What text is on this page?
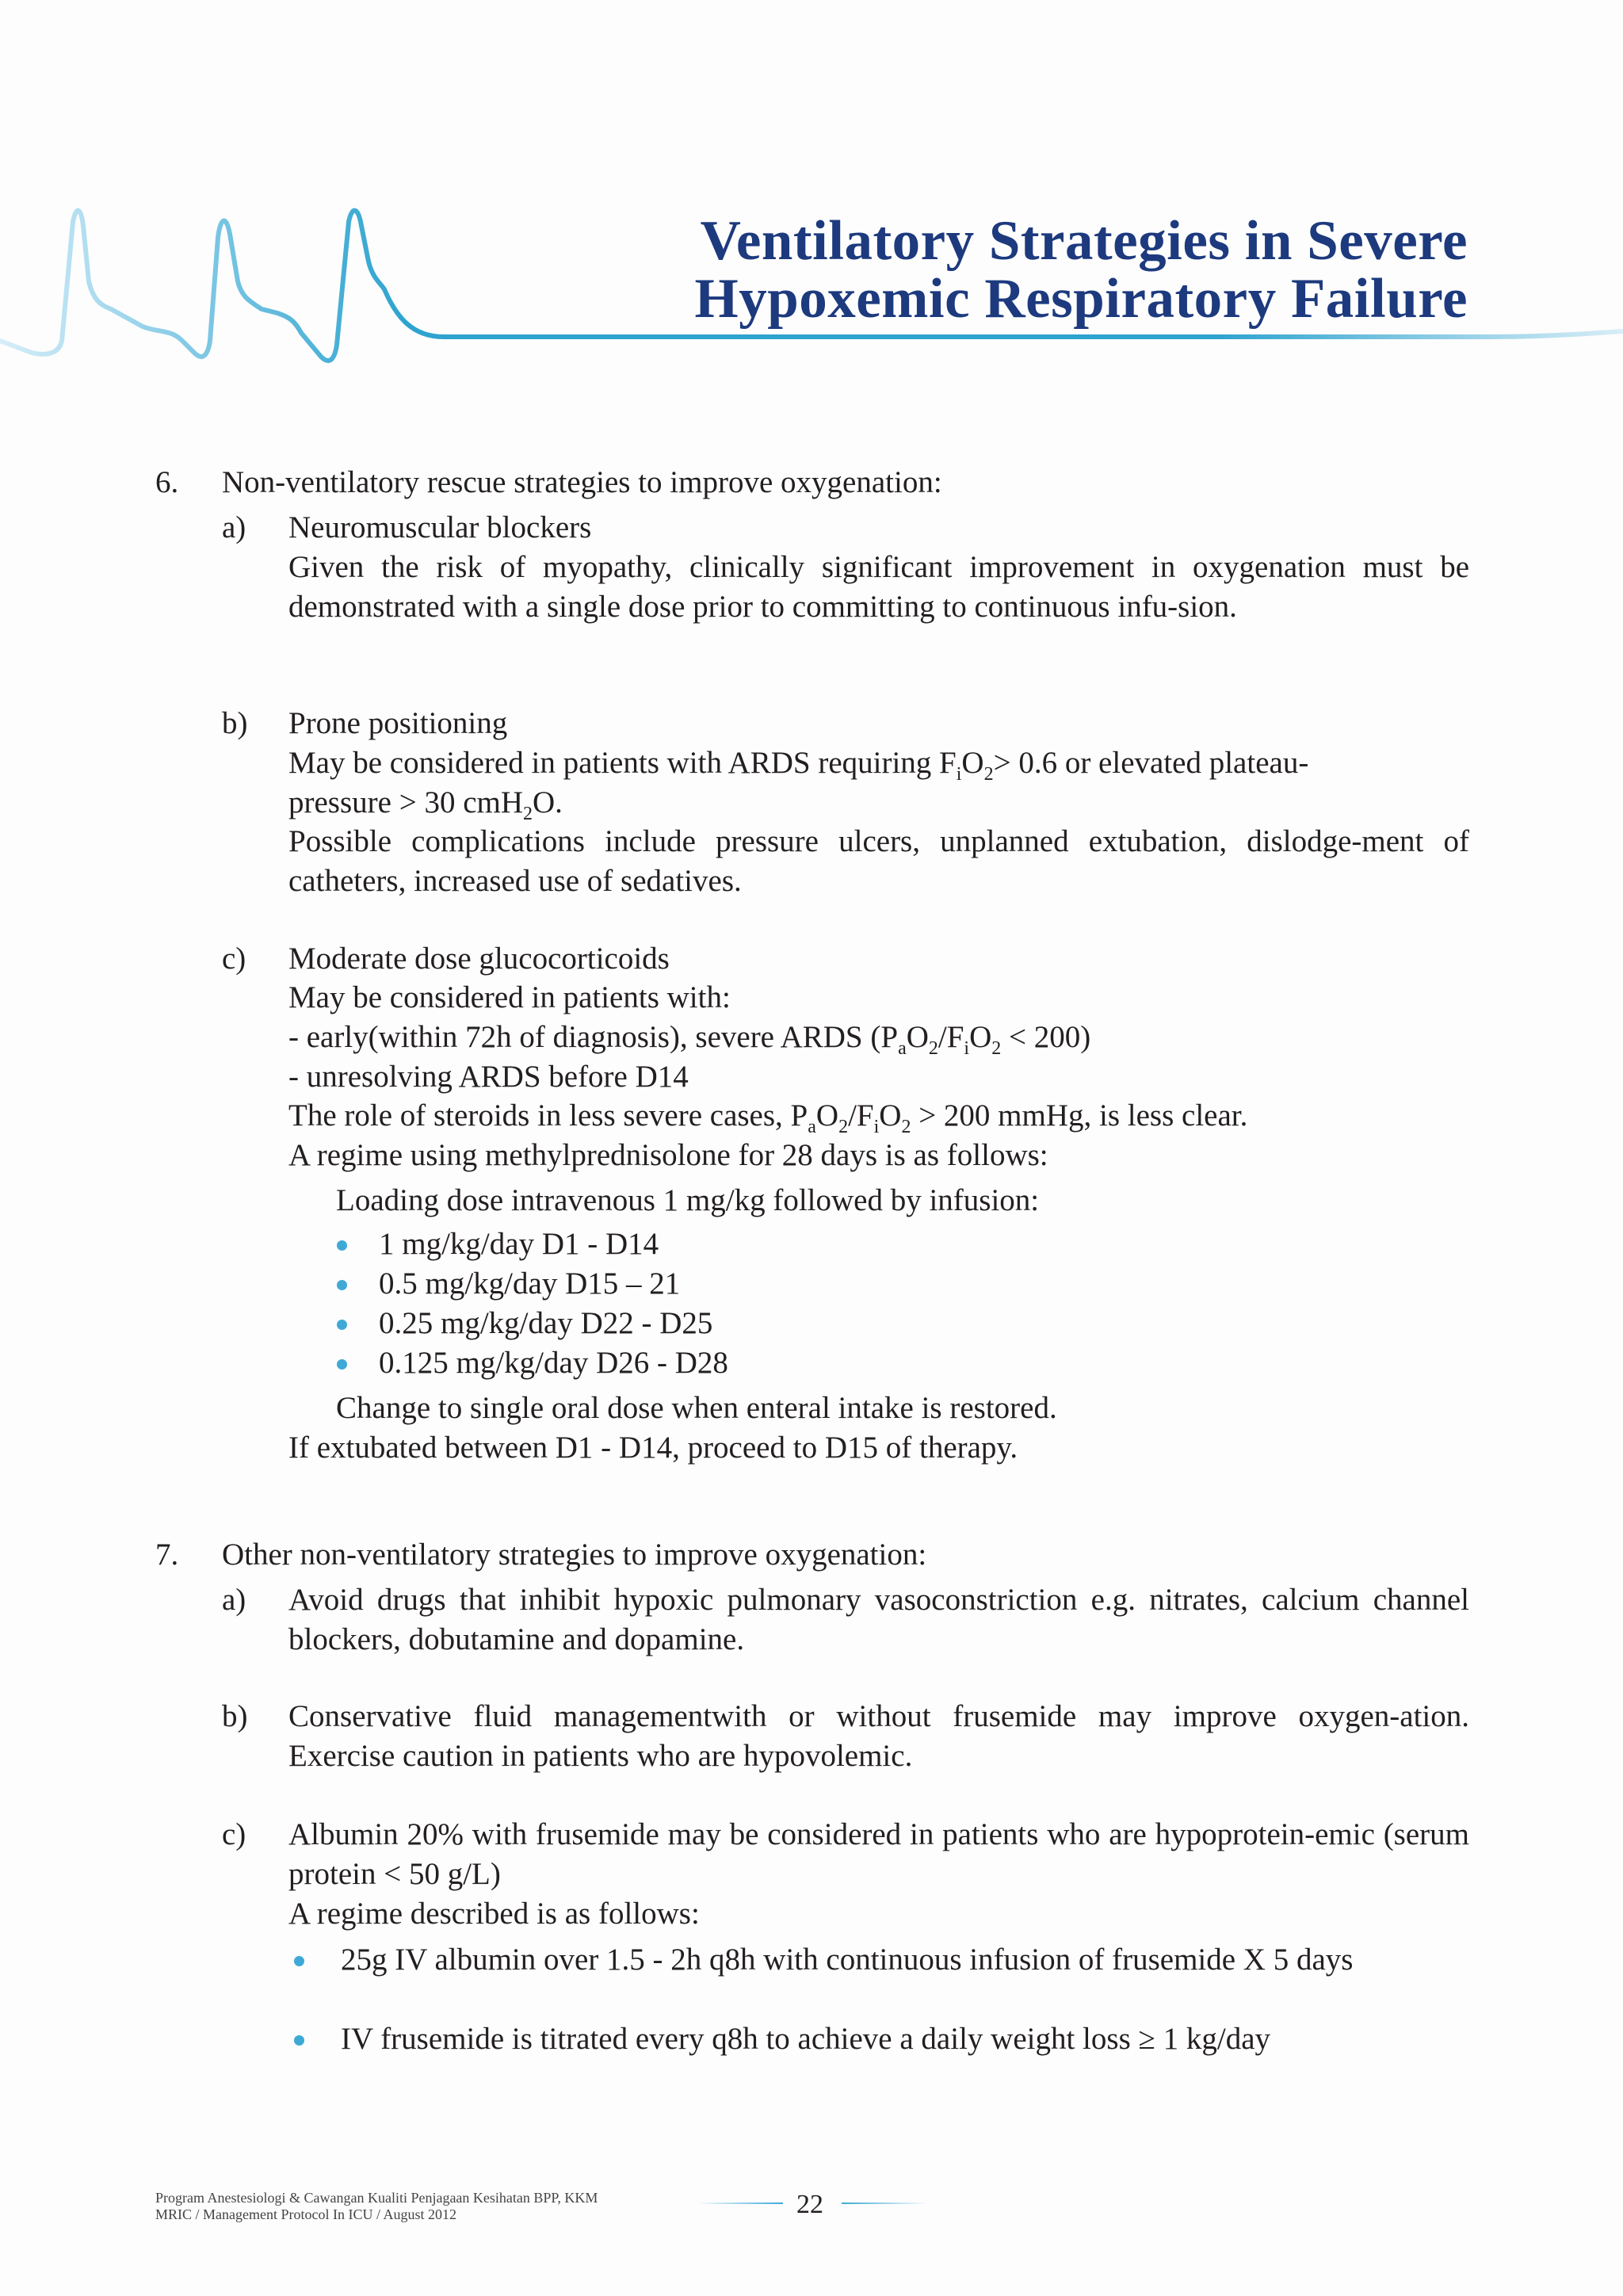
Ventilatory Strategies in Severe
Hypoxemic Respiratory Failure
6. Non-ventilatory rescue strategies to improve oxygenation:
a) Neuromuscular blockers
Given the risk of myopathy, clinically significant improvement in oxygenation must be demonstrated with a single dose prior to committing to continuous infu-sion.
b) Prone positioning
May be considered in patients with ARDS requiring $F_iO_2> 0.6$ or elevated plateau-
pressure > 30 cmH$_2$O.
Possible complications include pressure ulcers, unplanned extubation, dislodge-ment of catheters, increased use of sedatives.
c) Moderate dose glucocorticoids
May be considered in patients with:
- early(within 72h of diagnosis), severe ARDS $(P_aO_2/F_iO_2 < 200)$
- unresolving ARDS before D14
The role of steroids in less severe cases, $P_aO_2/F_iO_2 > 200$ mmHg, is less clear.
A regime using methylprednisolone for 28 days is as follows:
Loading dose intravenous 1 mg/kg followed by infusion:
1 mg/kg/day D1 - D14
0.5 mg/kg/day D15 – 21
0.25 mg/kg/day D22 - D25
0.125 mg/kg/day D26 - D28
Change to single oral dose when enteral intake is restored.
If extubated between D1 - D14, proceed to D15 of therapy.
7. Other non-ventilatory strategies to improve oxygenation:
a) Avoid drugs that inhibit hypoxic pulmonary vasoconstriction e.g. nitrates, calcium channel blockers, dobutamine and dopamine.
b) Conservative fluid managementwith or without frusemide may improve oxygen-ation. Exercise caution in patients who are hypovolemic.
c) Albumin 20% with frusemide may be considered in patients who are hypoprotein-emic (serum protein < 50 g/L)
A regime described is as follows:
25g IV albumin over 1.5 - 2h q8h with continuous infusion of frusemide X 5 days
IV frusemide is titrated every q8h to achieve a daily weight loss ≥ 1 kg/day
Program Anestesiologi & Cawangan Kualiti Penjagaan Kesihatan BPP, KKM
MRIC / Management Protocol In ICU / August 2012	22
